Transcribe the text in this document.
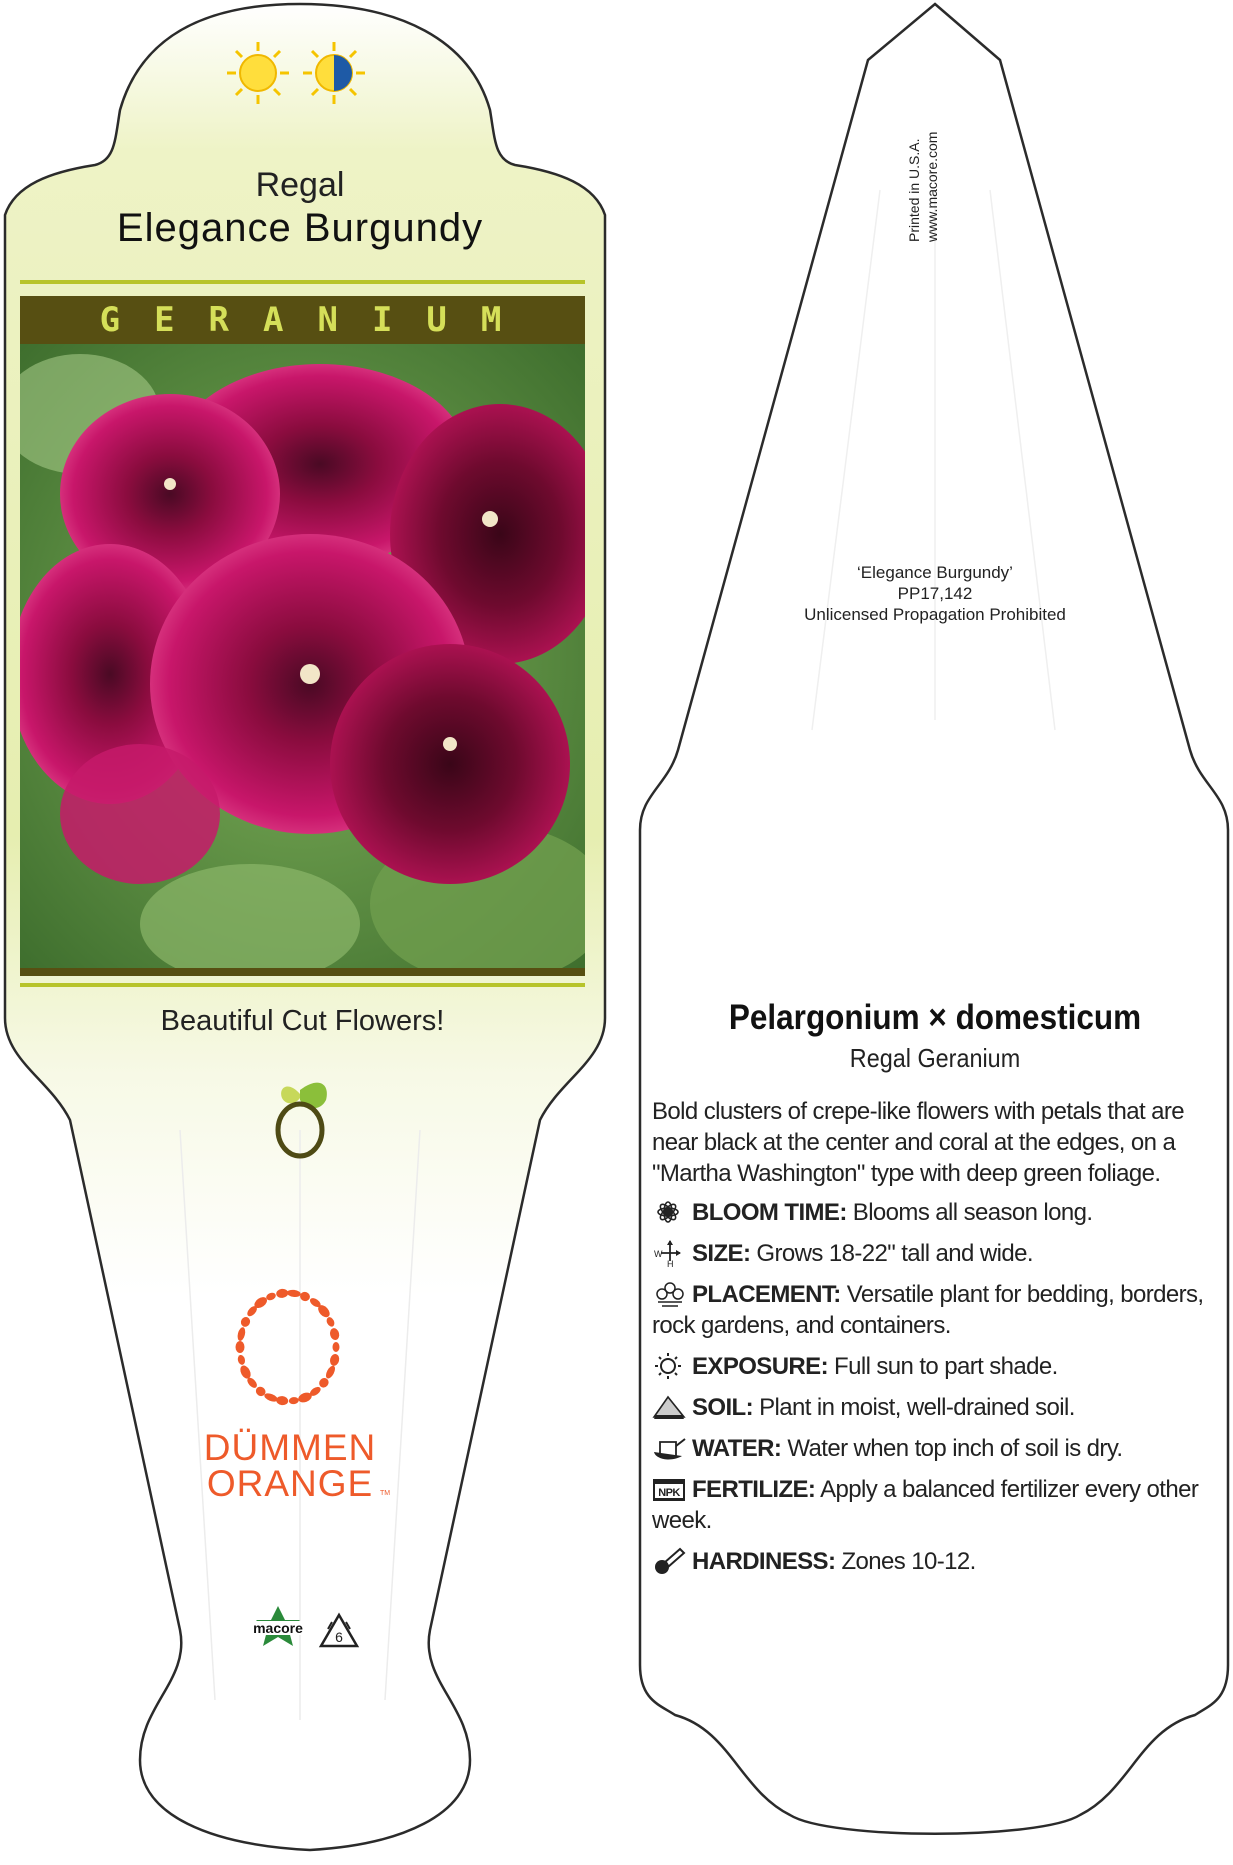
Regal
Elegance Burgundy
GERANIUM
Beautiful Cut Flowers!
DÜMMEN
ORANGE TM
macore
6
Printed in U.S.A. www.macore.com
‘Elegance Burgundy’
PP17,142
Unlicensed Propagation Prohibited
Pelargonium × domesticum
Regal Geranium
Bold clusters of crepe-like flowers with petals that are near black at the center and coral at the edges, on a "Martha Washington" type with deep green foliage.
BLOOM TIME: Blooms all season long.
W
H SIZE: Grows 18-22" tall and wide.
PLACEMENT: Versatile plant for bedding, borders, rock gardens, and containers.
EXPOSURE: Full sun to part shade.
SOIL: Plant in moist, well-drained soil.
WATER: Water when top inch of soil is dry.
NPK FERTILIZE: Apply a balanced fertilizer every other week.
HARDINESS: Zones 10-12.
